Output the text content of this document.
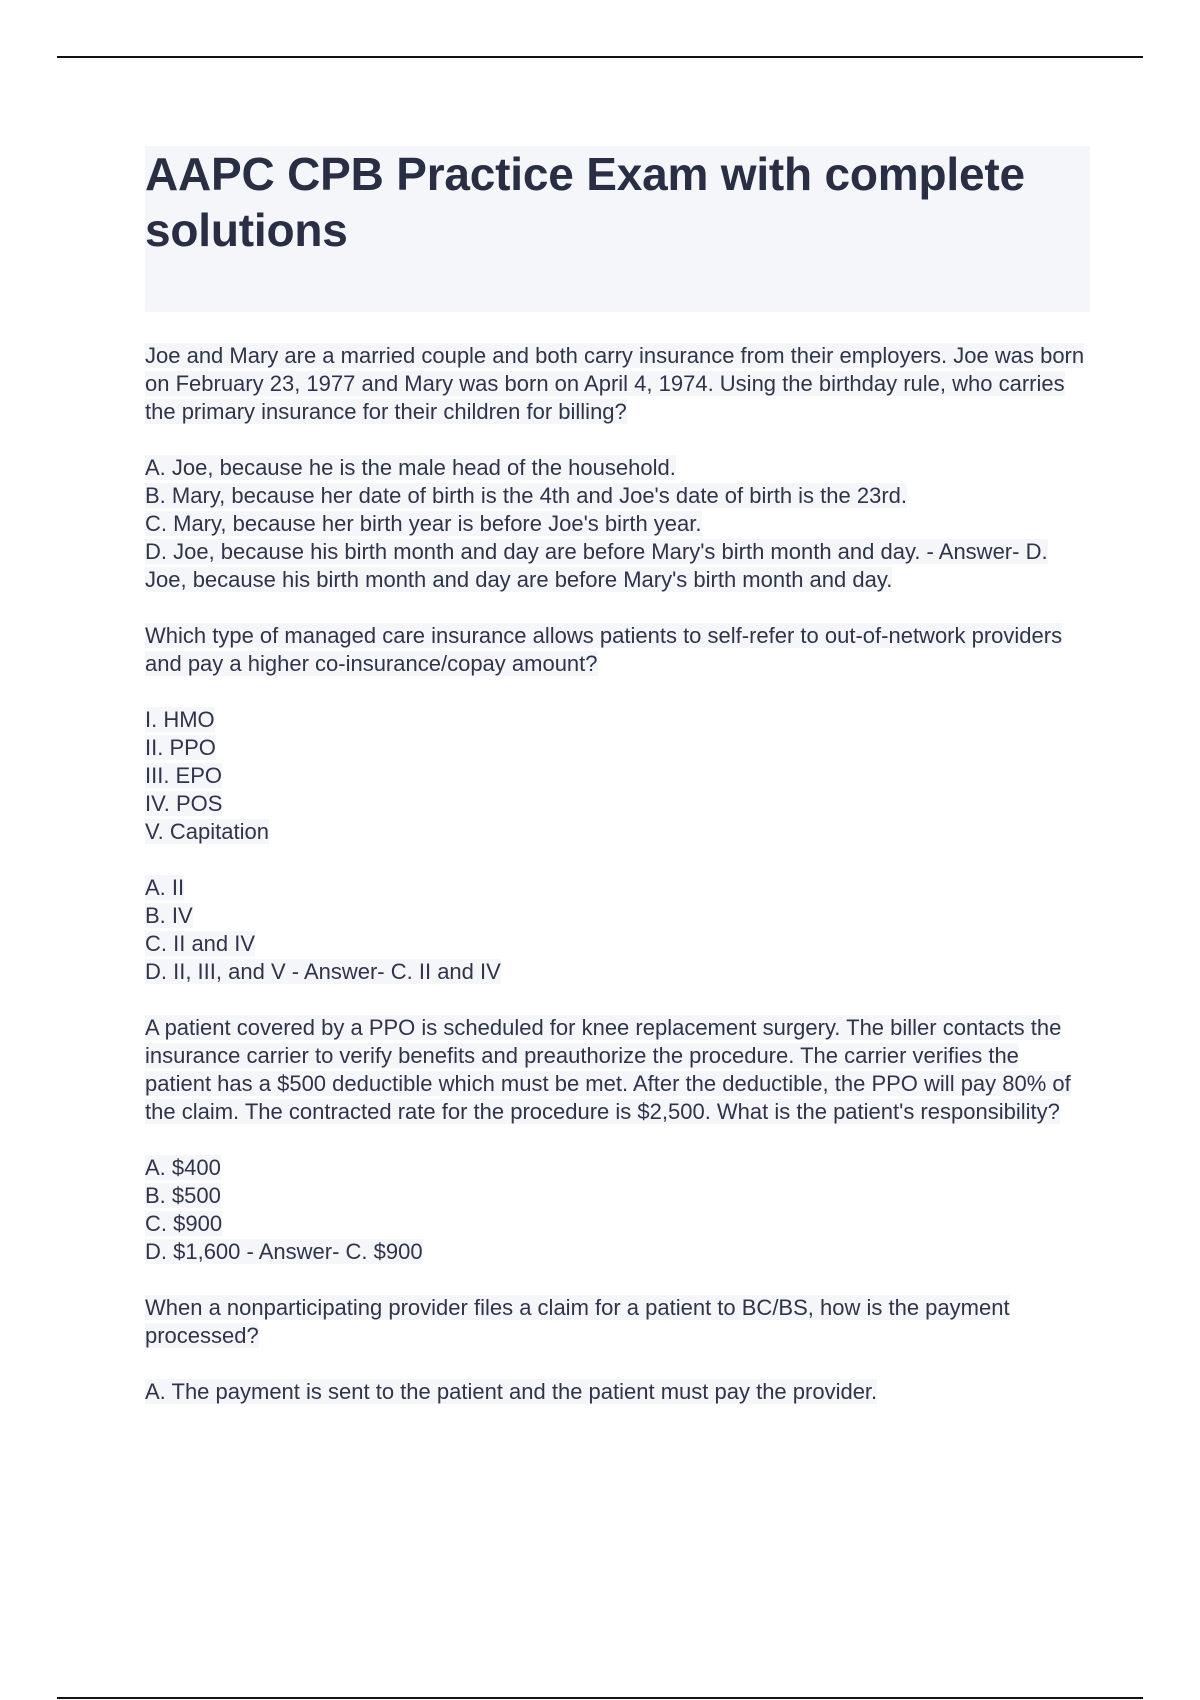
AAPC CPB Practice Exam with complete solutions

Joe and Mary are a married couple and both carry insurance from their employers. Joe was born on February 23, 1977 and Mary was born on April 4, 1974. Using the birthday rule, who carries the primary insurance for their children for billing?

A. Joe, because he is the male head of the household.
B. Mary, because her date of birth is the 4th and Joe's date of birth is the 23rd.
C. Mary, because her birth year is before Joe's birth year.
D. Joe, because his birth month and day are before Mary's birth month and day. - Answer- D. Joe, because his birth month and day are before Mary's birth month and day.

Which type of managed care insurance allows patients to self-refer to out-of-network providers and pay a higher co-insurance/copay amount?

I. HMO
II. PPO
III. EPO
IV. POS
V. Capitation
A. II
B. IV
C. II and IV
D. II, III, and V - Answer- C. II and IV

A patient covered by a PPO is scheduled for knee replacement surgery. The biller contacts the insurance carrier to verify benefits and preauthorize the procedure. The carrier verifies the patient has a $500 deductible which must be met. After the deductible, the PPO will pay 80% of the claim. The contracted rate for the procedure is $2,500. What is the patient's responsibility?

A. $400
B. $500
C. $900
D. $1,600 - Answer- C. $900

When a nonparticipating provider files a claim for a patient to BC/BS, how is the payment processed?

A. The payment is sent to the patient and the patient must pay the provider.
